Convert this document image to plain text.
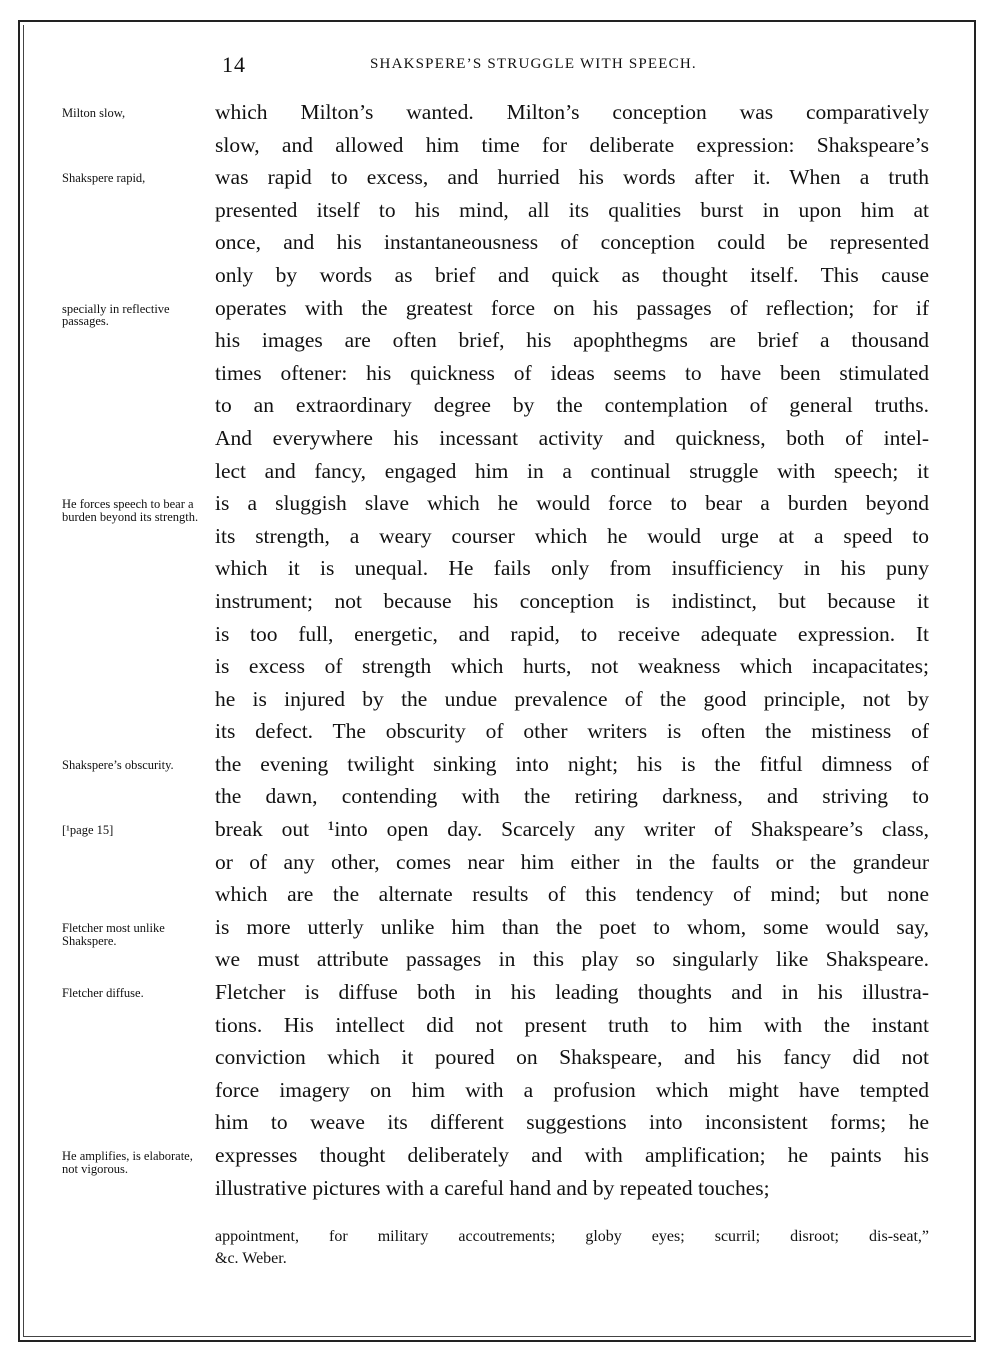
14	SHAKSPERE’S STRUGGLE WITH SPEECH.
which Milton’s wanted. Milton’s conception was comparatively
slow, and allowed him time for deliberate expression: Shakspeare’s
was rapid to excess, and hurried his words after it. When a truth
presented itself to his mind, all its qualities burst in upon him at
once, and his instantaneousness of conception could be represented
only by words as brief and quick as thought itself. This cause
operates with the greatest force on his passages of reflection; for if
his images are often brief, his apophthegms are brief a thousand
times oftener: his quickness of ideas seems to have been stimulated
to an extraordinary degree by the contemplation of general truths.
And everywhere his incessant activity and quickness, both of intel-
lect and fancy, engaged him in a continual struggle with speech; it
is a sluggish slave which he would force to bear a burden beyond
its strength, a weary courser which he would urge at a speed to
which it is unequal. He fails only from insufficiency in his puny
instrument; not because his conception is indistinct, but because it
is too full, energetic, and rapid, to receive adequate expression. It
is excess of strength which hurts, not weakness which incapacitates;
he is injured by the undue prevalence of the good principle, not by
its defect. The obscurity of other writers is often the mistiness of
the evening twilight sinking into night; his is the fitful dimness of
the dawn, contending with the retiring darkness, and striving to
break out ¹into open day. Scarcely any writer of Shakspeare’s class,
or of any other, comes near him either in the faults or the grandeur
which are the alternate results of this tendency of mind; but none
is more utterly unlike him than the poet to whom, some would say,
we must attribute passages in this play so singularly like Shakspeare.
Fletcher is diffuse both in his leading thoughts and in his illustra-
tions. His intellect did not present truth to him with the instant
conviction which it poured on Shakspeare, and his fancy did not
force imagery on him with a profusion which might have tempted
him to weave its different suggestions into inconsistent forms; he
expresses thought deliberately and with amplification; he paints his
illustrative pictures with a careful hand and by repeated touches;
Milton slow,
Shakspere rapid,
specially in reflective passages.
He forces speech to bear a burden beyond its strength.
Shakspere’s obscurity.
[¹page 15]
Fletcher most unlike Shakspere.
Fletcher diffuse.
He amplifies, is elaborate, not vigorous.
appointment, for military accoutrements; globy eyes; scurril; disroot; dis-seat,”
&c. Weber.
